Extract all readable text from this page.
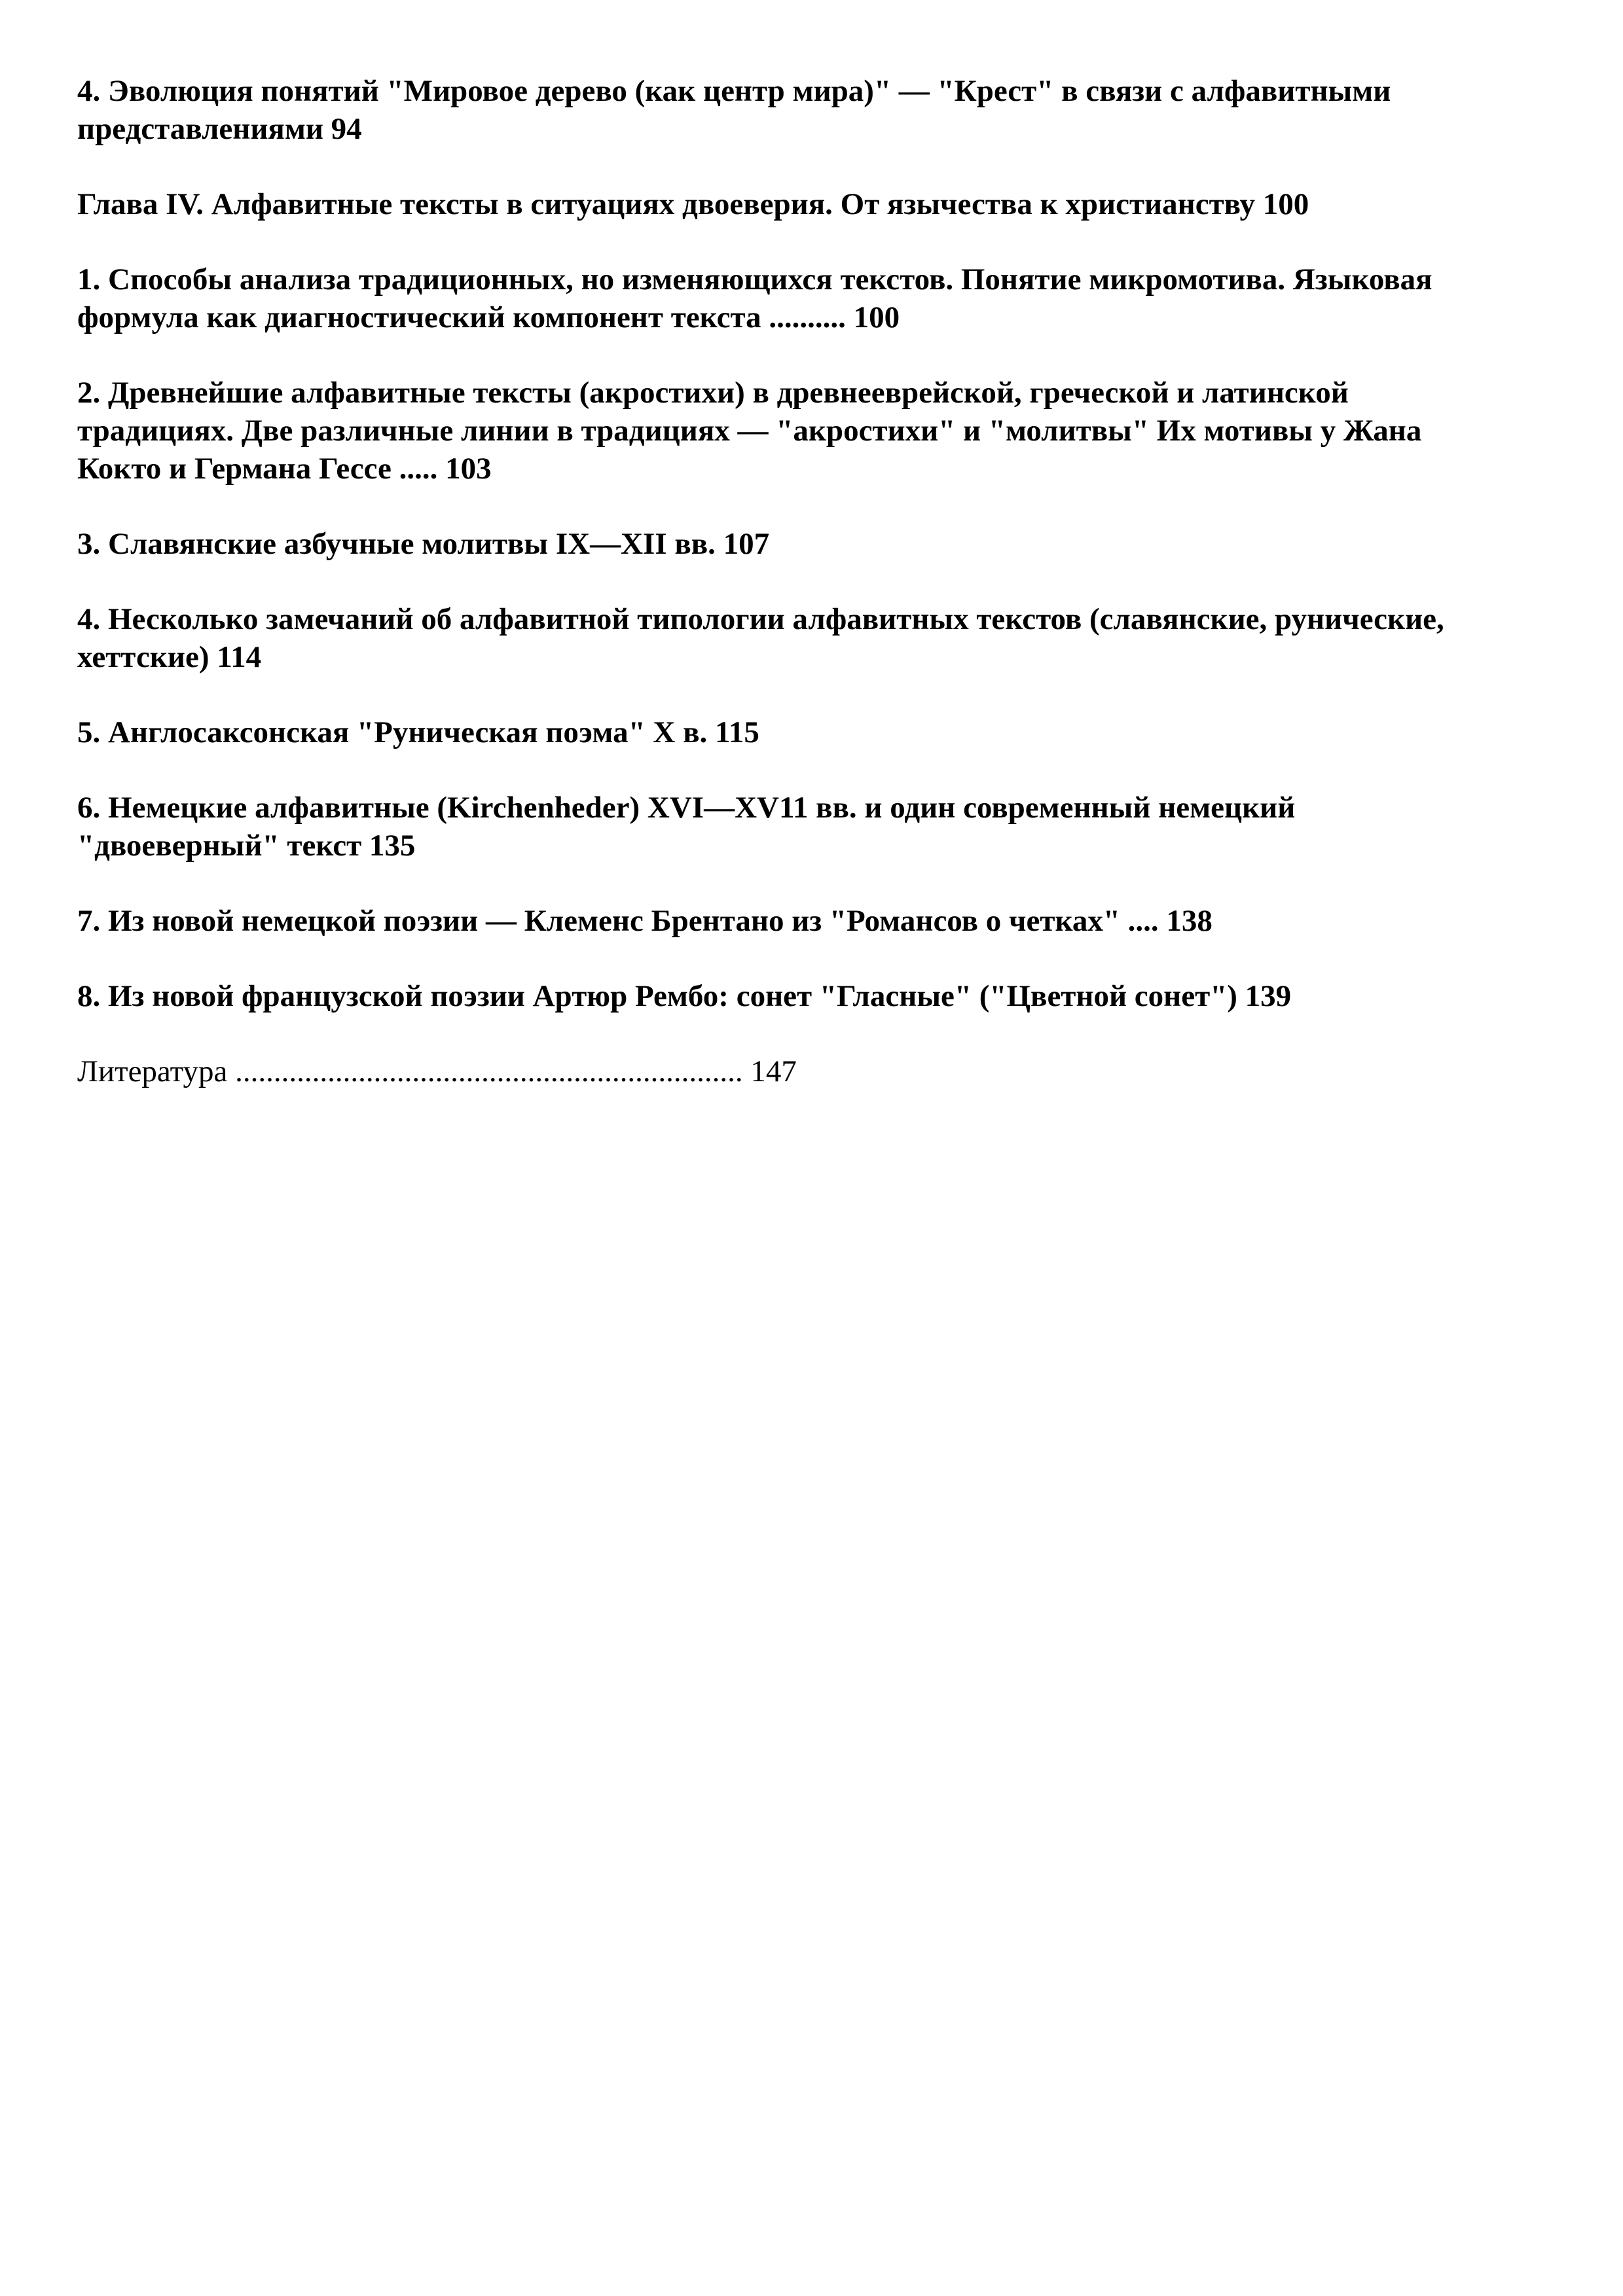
4. Эволюция понятий "Мировое дерево (как центр мира)" — "Крест" в связи с алфавитными
представлениями 94

Глава IV. Алфавитные тексты в ситуациях двоеверия. От язычества к христианству 100

1. Способы анализа традиционных, но изменяющихся текстов. Понятие микромотива. Языковая
формула как диагностический компонент текста .......... 100

2. Древнейшие алфавитные тексты (акростихи) в древнееврейской, греческой и латинской
традициях. Две различные линии в традициях — "акростихи" и "молитвы" Их мотивы у Жана
Кокто и Германа Гессе ..... 103

3. Славянские азбучные молитвы IX—XII вв. 107

4. Несколько замечаний об алфавитной типологии алфавитных текстов (славянские, рунические,
хеттские) 114

5. Англосаксонская "Руническая поэма" X в. 115

6. Немецкие алфавитные (Kirchenheder) XVI—XV11 вв. и один современный немецкий
"двоеверный" текст 135

7. Из новой немецкой поэзии — Клеменс Брентано из "Романсов о четках" .... 138

8. Из новой французской поэзии Артюр Рембо: сонет "Гласные" ("Цветной сонет") 139

Литература .................................................................. 147
